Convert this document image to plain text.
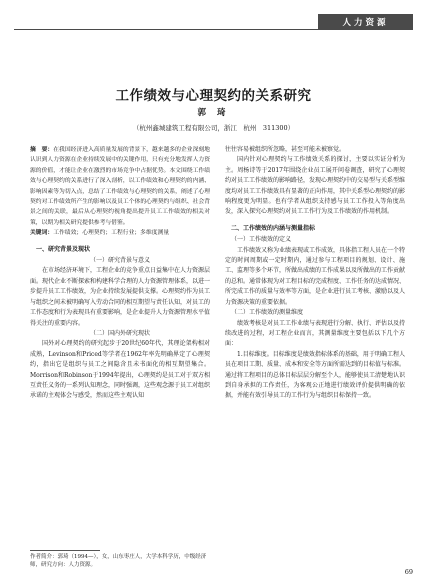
人力资源
工作绩效与心理契约的关系研究
郭 琦
（杭州鑫城建筑工程有限公司，浙江　杭州　311300）

摘　要：在我国经济进入高质量发展的背景下，越来越多的企业深刻地认识到人力资源在企业持续发展中的关键作用，只有充分地发挥人力资源的价值，才能让企业在激烈的市场竞争中占据优势。本文围绕工作绩效与心理契约的关系进行了深入剖析，以工作绩效和心理契约的内涵、影响因素等为切入点，总结了工作绩效与心理契约的关系，阐述了心理契约对工作绩效所产生的影响以及员工个体的心理契约与组织、社会背景之间的关联，最后从心理契约视角提出提升员工工作绩效的相关对策，以期为相关研究提供参考与借鉴。

关键词：工作绩效；心理契约；工程行业；多维度测量

一、研究背景及现状
（一）研究背景与意义

在市场经济环境下，工程企业的竞争重点日益集中在人力资源层面。现代企业不断探索和构建科学合理的人力资源管理体系，以进一步提升员工工作绩效，为企业持续发展提供支撑。心理契约作为员工与组织之间未被明确写入劳动合同的相互期望与责任认知，对员工的工作态度和行为表现具有重要影响，是企业提升人力资源管理水平值得关注的重要内容。

（二）国内外研究现状

国外对心理契约的研究起步于20世纪60年代，其理论架构相对成熟，Levinson和Priced等学者在1962年率先明确界定了心理契约，指出它是组织与员工之间隐含且未书面化的相互期望集合。Morrison和Robinson于1994年提出，心理契约是员工对于双方相互责任义务的一系列认知理念，同时强调，这些观念源于员工对组织承诺的主观体会与感受，然而这些主观认知

往往容易被组织所忽略，甚至可能未被察觉。

国内针对心理契约与工作绩效关系的探讨，主要以实证分析为主。周杨诗等于2017年围绕企业员工展开问卷调查，研究了心理契约对员工工作绩效的影响路径，发现心理契约中的交易型与关系型维度均对员工工作绩效具有显著的正向作用，其中关系型心理契约的影响程度更为明显。也有学者从组织支持感与员工工作投入等角度出发，深入探究心理契约对员工工作行为及工作绩效的作用机制。

二、工作绩效的内涵与测量指标
（一）工作绩效的定义

工作绩效又称为业绩表现或工作成效，具体指工程人员在一个特定的时间周期或一定时期内，通过参与工程项目的规划、设计、施工、监理等多个环节，所做出成绩的工作成果以及所做出的工作贡献的总和。通常体现为对工程目标的完成程度、工作任务的达成情况、所完成工作的质量与效率等方面，是企业进行员工考核、激励以及人力资源决策的重要依据。

（二）工作绩效的测量维度

绩效考核是对员工工作业绩与表现进行分解、执行、评估以及持续改进的过程，对工程企业而言，其测量维度主要包括以下几个方面：

1.目标维度。目标维度是绩效指标体系的基础，用于明确工程人员在项目工期、质量、成本和安全等方面所需达到的目标值与标准。通过将工程项目的总体目标层层分解至个人，能够使员工清楚地认识到自身承担的工作责任，为客观公正地进行绩效评价提供明确的依据，并能有效引导员工的工作行为与组织目标保持一致。

作者简介：郭琦（1994—），女，山东枣庄人，大学本科学历，中级经济师，研究方向：人力资源。
69
